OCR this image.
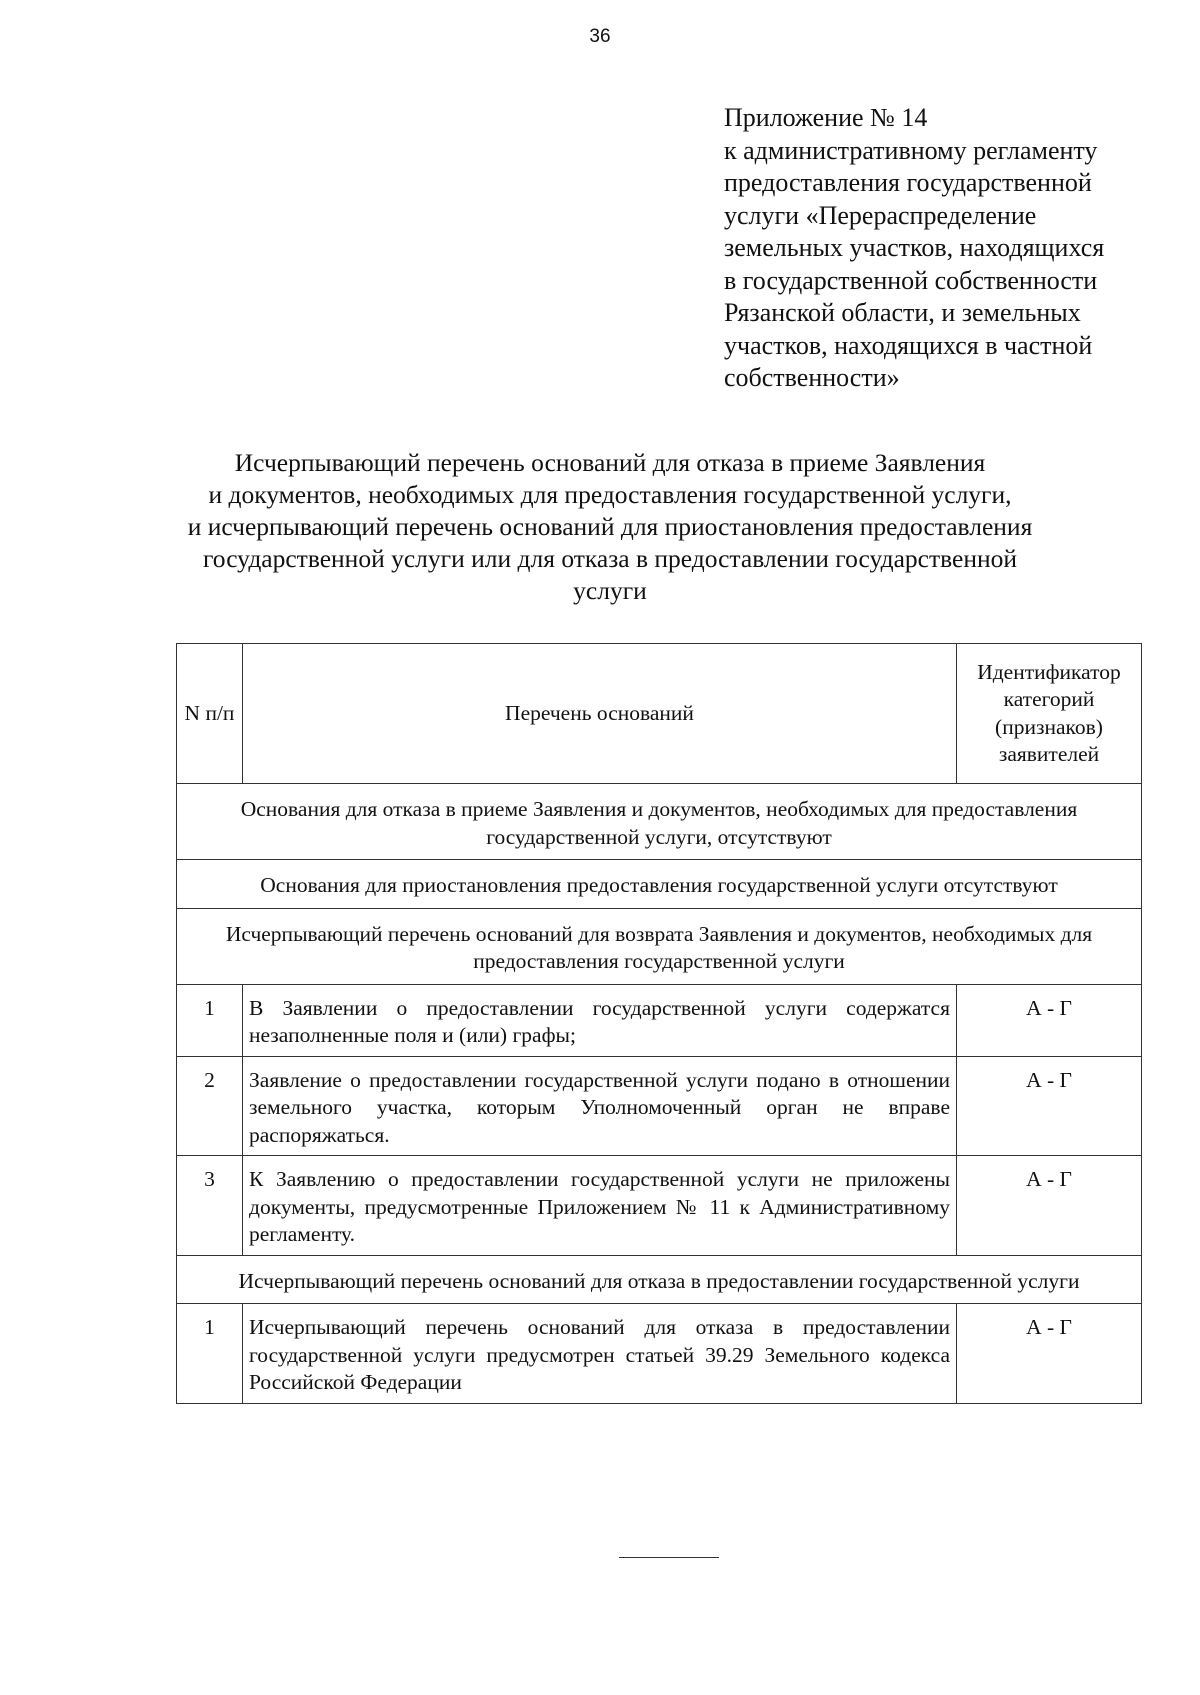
36
Приложение № 14
к административному регламенту
предоставления государственной
услуги «Перераспределение
земельных участков, находящихся
в государственной собственности
Рязанской области, и земельных
участков, находящихся в частной
собственности»
Исчерпывающий перечень оснований для отказа в приеме Заявления
и документов, необходимых для предоставления государственной услуги,
и исчерпывающий перечень оснований для приостановления предоставления
государственной услуги или для отказа в предоставлении государственной
услуги
N п/п	Перечень оснований	Идентификатор категорий (признаков) заявителей
Основания для отказа в приеме Заявления и документов, необходимых для предоставления государственной услуги, отсутствуют		
Основания для приостановления предоставления государственной услуги отсутствуют		
Исчерпывающий перечень оснований для возврата Заявления и документов, необходимых для предоставления государственной услуги		
1	В Заявлении о предоставлении государственной услуги содержатся незаполненные поля и (или) графы;	А - Г
2	Заявление о предоставлении государственной услуги подано в отношении земельного участка, которым Уполномоченный орган не вправе распоряжаться.	А - Г
3	К Заявлению о предоставлении государственной услуги не приложены документы, предусмотренные Приложением № 11 к Административному регламенту.	А - Г
Исчерпывающий перечень оснований для отказа в предоставлении государственной услуги		
1	Исчерпывающий перечень оснований для отказа в предоставлении государственной услуги предусмотрен статьей 39.29 Земельного кодекса Российской Федерации	А - Г
